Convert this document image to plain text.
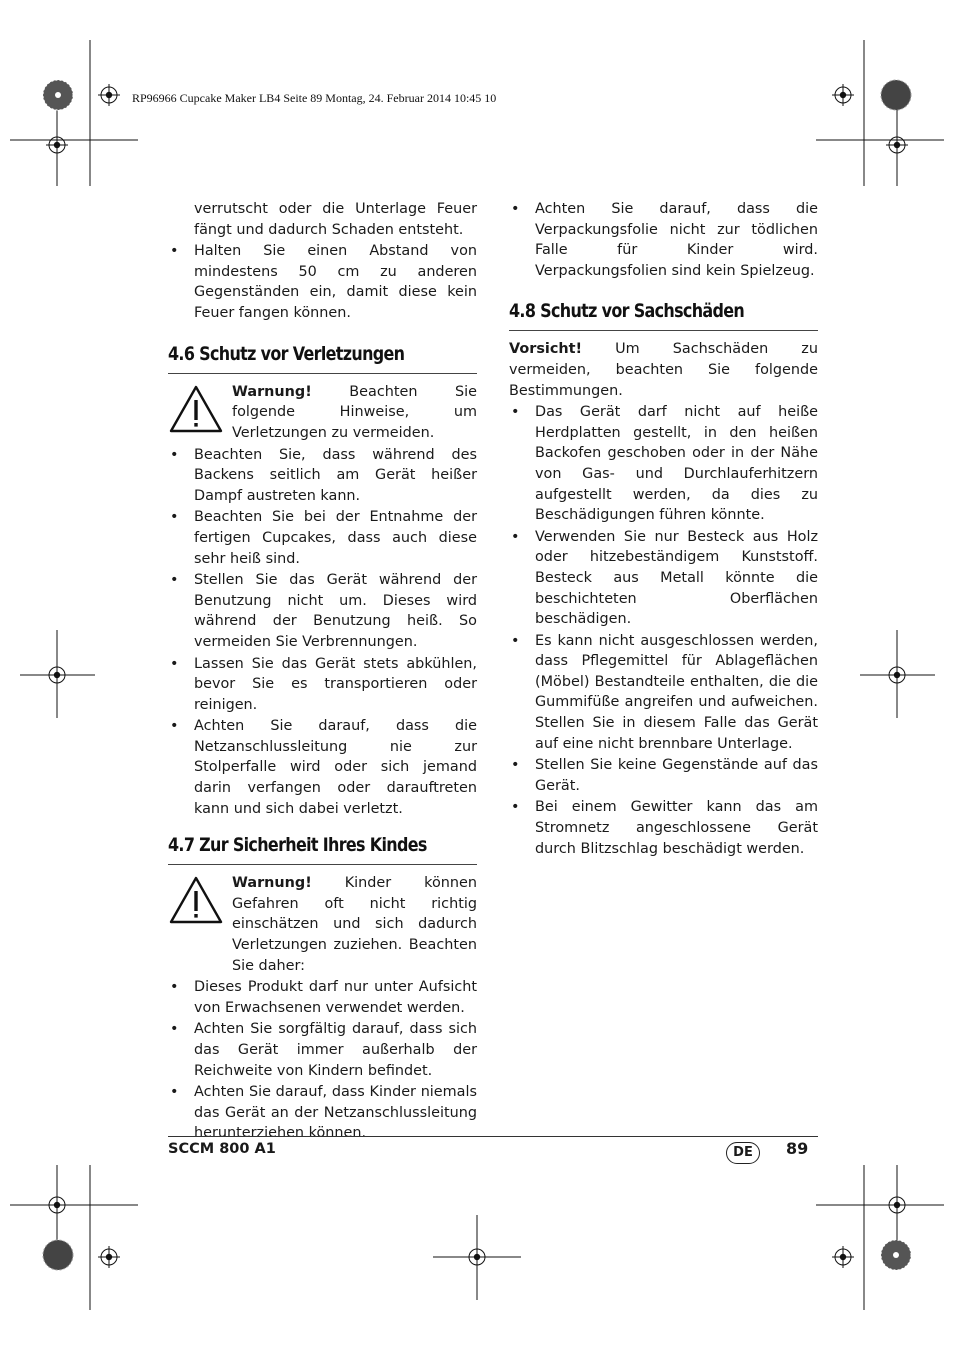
RP96966 Cupcake Maker LB4 Seite 89 Montag, 24. Februar 2014 10:45 10

verrutscht oder die Unterlage Feuer fängt und dadurch Schaden entsteht.

• Halten Sie einen Abstand von mindestens 50 cm zu anderen Gegenständen ein, damit diese kein Feuer fangen können.
4.6 Schutz vor Verletzungen

Warnung! Beachten Sie folgende Hinweise, um Verletzungen zu vermeiden.

• Beachten Sie, dass während des Backens seitlich am Gerät heißer Dampf austreten kann.
• Beachten Sie bei der Entnahme der fertigen Cupcakes, dass auch diese sehr heiß sind.
• Stellen Sie das Gerät während der Benutzung nicht um. Dieses wird während der Benutzung heiß. So vermeiden Sie Verbrennungen.
• Lassen Sie das Gerät stets abkühlen, bevor Sie es transportieren oder reinigen.
• Achten Sie darauf, dass die Netzanschlussleitung nie zur Stolperfalle wird oder sich jemand darin verfangen oder darauftreten kann und sich dabei verletzt.
4.7 Zur Sicherheit Ihres Kindes

Warnung! Kinder können Gefahren oft nicht richtig einschätzen und sich dadurch Verletzungen zuziehen. Beachten Sie daher:

• Dieses Produkt darf nur unter Aufsicht von Erwachsenen verwendet werden.
• Achten Sie sorgfältig darauf, dass sich das Gerät immer außerhalb der Reichweite von Kindern befindet.
• Achten Sie darauf, dass Kinder niemals das Gerät an der Netzanschlussleitung herunterziehen können.
• Achten Sie darauf, dass die Verpackungsfolie nicht zur tödlichen Falle für Kinder wird. Verpackungsfolien sind kein Spielzeug.
4.8 Schutz vor Sachschäden

Vorsicht! Um Sachschäden zu vermeiden, beachten Sie folgende Bestimmungen.

• Das Gerät darf nicht auf heiße Herdplatten gestellt, in den heißen Backofen geschoben oder in der Nähe von Gas- und Durchlauferhitzern aufgestellt werden, da dies zu Beschädigungen führen könnte.
• Verwenden Sie nur Besteck aus Holz oder hitzebeständigem Kunststoff. Besteck aus Metall könnte die beschichteten Oberflächen beschädigen.
• Es kann nicht ausgeschlossen werden, dass Pflegemittel für Ablageflächen (Möbel) Bestandteile enthalten, die die Gummifüße angreifen und aufweichen. Stellen Sie in diesem Falle das Gerät auf eine nicht brennbare Unterlage.
• Stellen Sie keine Gegenstände auf das Gerät.
• Bei einem Gewitter kann das am Stromnetz angeschlossene Gerät durch Blitzschlag beschädigt werden.
SCCM 800 A1	DE	89
